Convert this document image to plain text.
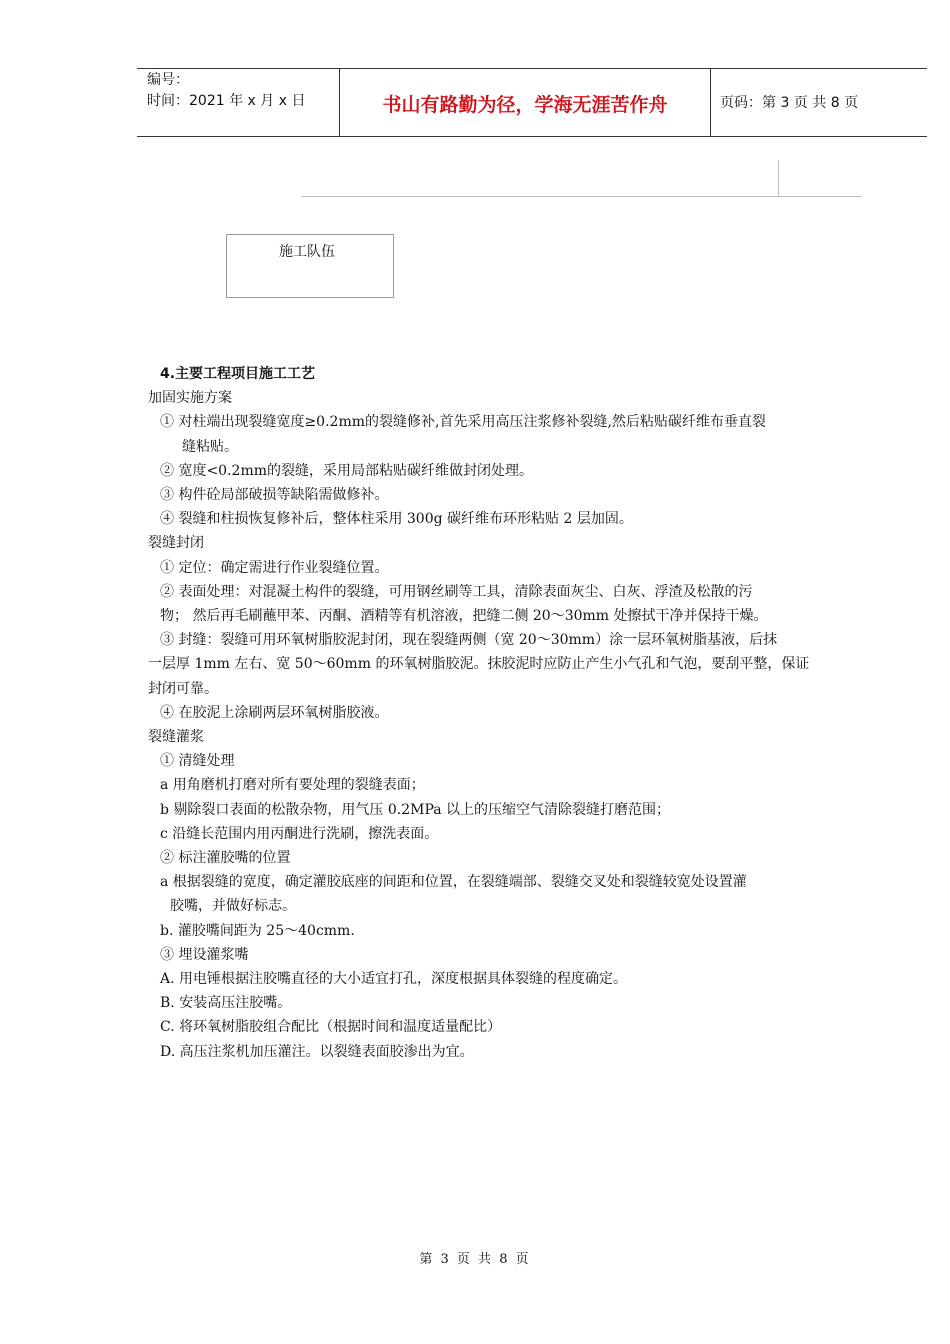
编号：
时间：2021 年 x 月 x 日	书山有路勤为径，学海无涯苦作舟	页码：第 3 页 共 8 页
施工队伍

4.主要工程项目施工工艺

加固实施方案

① 对柱端出现裂缝宽度≥0.2mm的裂缝修补,首先采用高压注浆修补裂缝,然后粘贴碳纤维布垂直裂

缝粘贴。

② 宽度<0.2mm的裂缝，采用局部粘贴碳纤维做封闭处理。

③ 构件砼局部破损等缺陷需做修补。

④ 裂缝和柱损恢复修补后，整体柱采用 300g 碳纤维布环形粘贴 2 层加固。

裂缝封闭

① 定位：确定需进行作业裂缝位置。

② 表面处理：对混凝土构件的裂缝，可用钢丝刷等工具，清除表面灰尘、白灰、浮渣及松散的污

物； 然后再毛刷蘸甲苯、丙酮、酒精等有机溶液，把缝二侧 20～30mm 处擦拭干净并保持干燥。

③ 封缝：裂缝可用环氧树脂胶泥封闭，现在裂缝两侧（宽 20～30mm）涂一层环氧树脂基液，后抹

一层厚 1mm 左右、宽 50～60mm 的环氧树脂胶泥。抹胶泥时应防止产生小气孔和气泡，要刮平整，保证

封闭可靠。

④ 在胶泥上涂刷两层环氧树脂胶液。

裂缝灌浆

① 清缝处理

a 用角磨机打磨对所有要处理的裂缝表面；

b 剔除裂口表面的松散杂物，用气压 0.2MPa 以上的压缩空气清除裂缝打磨范围；

c 沿缝长范围内用丙酮进行洗刷，擦洗表面。

② 标注灌胶嘴的位置

a 根据裂缝的宽度，确定灌胶底座的间距和位置，在裂缝端部、裂缝交叉处和裂缝较宽处设置灌

胶嘴，并做好标志。

b. 灌胶嘴间距为 25～40cmm.

③ 埋设灌浆嘴

A. 用电锤根据注胶嘴直径的大小适宜打孔，深度根据具体裂缝的程度确定。

B. 安装高压注胶嘴。

C. 将环氧树脂胶组合配比（根据时间和温度适量配比）

D. 高压注浆机加压灌注。以裂缝表面胶渗出为宜。

第 3 页 共 8 页
